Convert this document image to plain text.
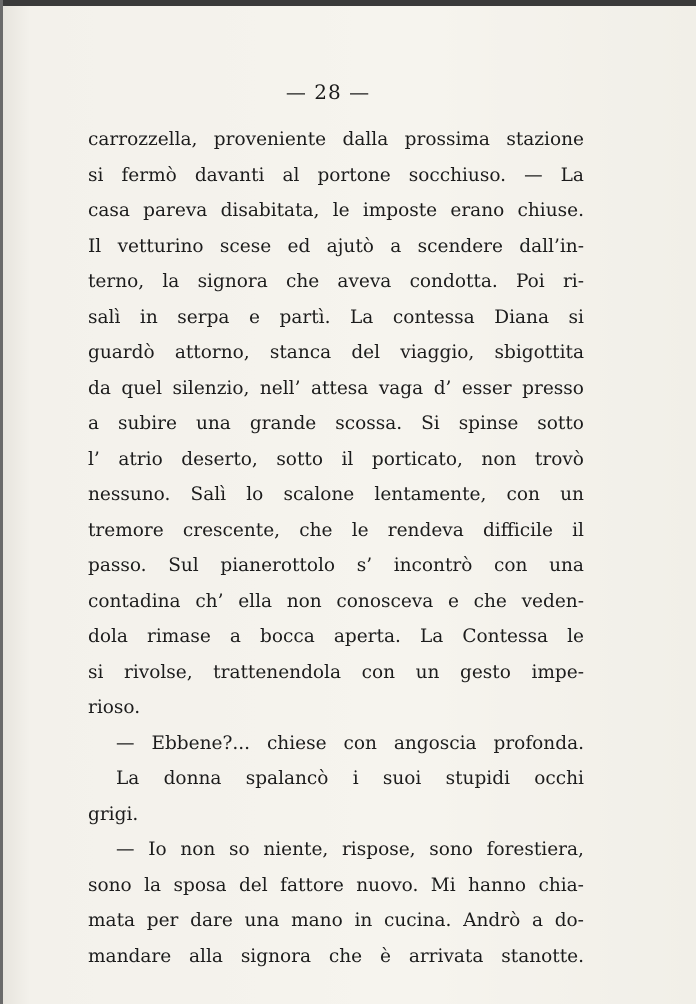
— 28 —
carrozzella, proveniente dalla prossima stazione
si fermò davanti al portone socchiuso. — La
casa pareva disabitata, le imposte erano chiuse.
Il vetturino scese ed ajutò a scendere dall’in-
terno, la signora che aveva condotta. Poi ri-
salì in serpa e partì. La contessa Diana si
guardò attorno, stanca del viaggio, sbigottita
da quel silenzio, nell’ attesa vaga d’ esser presso
a subire una grande scossa. Si spinse sotto
l’ atrio deserto, sotto il porticato, non trovò
nessuno. Salì lo scalone lentamente, con un
tremore crescente, che le rendeva difficile il
passo. Sul pianerottolo s’ incontrò con una
contadina ch’ ella non conosceva e che veden-
dola rimase a bocca aperta. La Contessa le
si rivolse, trattenendola con un gesto impe-
rioso.
— Ebbene?... chiese con angoscia profonda.
La donna spalancò i suoi stupidi occhi
grigi.
— Io non so niente, rispose, sono forestiera,
sono la sposa del fattore nuovo. Mi hanno chia-
mata per dare una mano in cucina. Andrò a do-
mandare alla signora che è arrivata stanotte.
